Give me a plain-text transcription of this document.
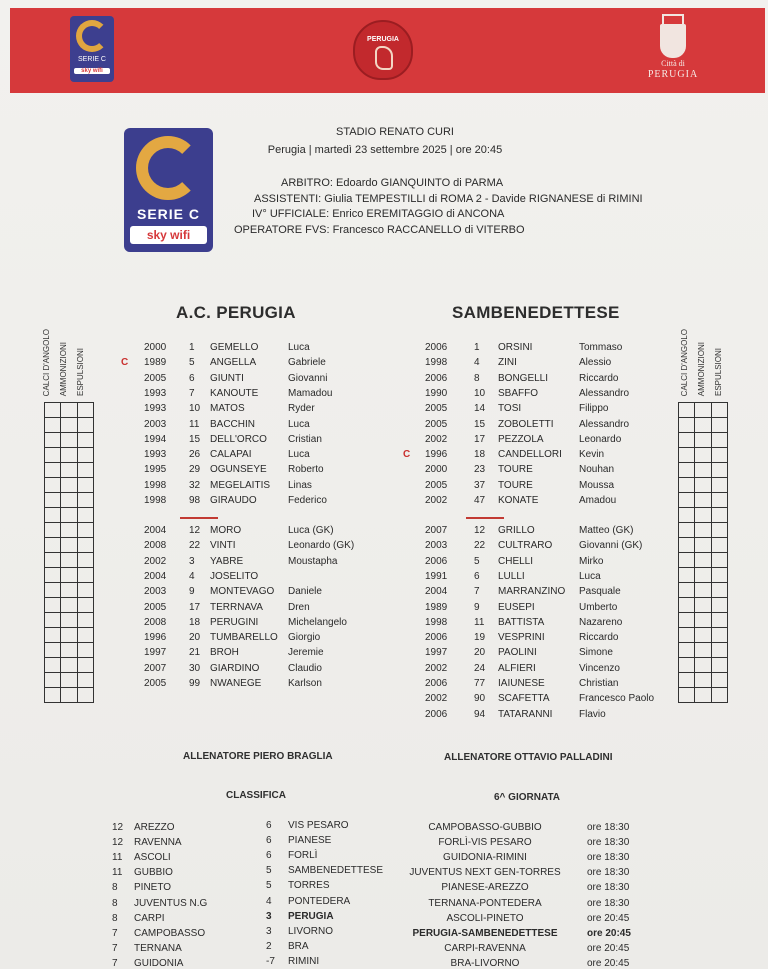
SERIE C
sky wifi
PERUGIA
Città di
PERUGIA
SERIE C
sky wifi
STADIO RENATO CURI
Perugia | martedì 23 settembre 2025 | ore 20:45
ARBITRO: Edoardo GIANQUINTO di PARMA
ASSISTENTI: Giulia TEMPESTILLI di ROMA 2 - Davide RIGNANESE di RIMINI
IV° UFFICIALE: Enrico EREMITAGGIO di ANCONA
OPERATORE FVS: Francesco RACCANELLO di VITERBO
A.C. PERUGIA	SAMBENEDETTESE
CALCI D'ANGOLO AMMONIZIONI ESPULSIONI	CALCI D'ANGOLO AMMONIZIONI ESPULSIONI
2000 1 GEMELLO	Luca
C 1989 5 ANGELLA	Gabriele
2005 6 GIUNTI	Giovanni
1993 7 KANOUTE	Mamadou
1993 10 MATOS	Ryder
2003 11 BACCHIN	Luca
1994 15 DELL'ORCO Cristian
1993 26 CALAPAI	Luca
1995 29 OGUNSEYE Roberto
1998 32 MEGELAITIS Linas
1998 98 GIRAUDO	Federico
2004 12 MORO	Luca (GK)
2008 22 VINTI	Leonardo (GK)
2002 3 YABRE	Moustapha
2004 4 JOSELITO
2003 9 MONTEVAGO Daniele
2005 17 TERRNAVA	Dren
2008 18 PERUGINI	Michelangelo
1996 20 TUMBARELLO Giorgio
1997 21 BROH	Jeremie
2007 30 GIARDINO	Claudio
2005 99 NWANEGE	Karlson
2006	1 ORSINI	Tommaso
1998	4 ZINI	Alessio
2006	8 BONGELLI	Riccardo
1990	10 SBAFFO	Alessandro
2005	14 TOSI	Filippo
2005	15 ZOBOLETTI	Alessandro
2002	17 PEZZOLA	Leonardo
C 1996	18 CANDELLORI Kevin
2000	23 TOURE	Nouhan
2005	37 TOURE	Moussa
2002	47 KONATE	Amadou
2007	12 GRILLO	Matteo (GK)
2003	22 CULTRARO	Giovanni (GK)
2006	5 CHELLI	Mirko
1991	6 LULLI	Luca
2004	7 MARRANZINO Pasquale
1989	9 EUSEPI	Umberto
1998	11 BATTISTA	Nazareno
2006	19 VESPRINI	Riccardo
1997	20 PAOLINI	Simone
2002	24 ALFIERI	Vincenzo
2006	77 IAIUNESE	Christian
2002	90 SCAFETTA	Francesco Paolo
2006	94 TATARANNI	Flavio
ALLENATORE PIERO BRAGLIA	ALLENATORE OTTAVIO PALLADINI
CLASSIFICA	6^ GIORNATA
12 AREZZO
12 RAVENNA
11 ASCOLI
11 GUBBIO
8 PINETO
8 JUVENTUS N.G
8 CARPI
7 CAMPOBASSO
7 TERNANA
7 GUIDONIA
6 VIS PESARO
6 PIANESE
6 FORLÌ
5 SAMBENEDETTESE
5 TORRES
4 PONTEDERA
3 PERUGIA
3 LIVORNO
2 BRA
-7 RIMINI
CAMPOBASSO-GUBBIO	ore 18:30
FORLÌ-VIS PESARO	ore 18:30
GUIDONIA-RIMINI	ore 18:30
JUVENTUS NEXT GEN-TORRES	ore 18:30
PIANESE-AREZZO	ore 18:30
TERNANA-PONTEDERA	ore 18:30
ASCOLI-PINETO	ore 20:45
PERUGIA-SAMBENEDETTESE	ore 20:45
CARPI-RAVENNA	ore 20:45
BRA-LIVORNO	ore 20:45
